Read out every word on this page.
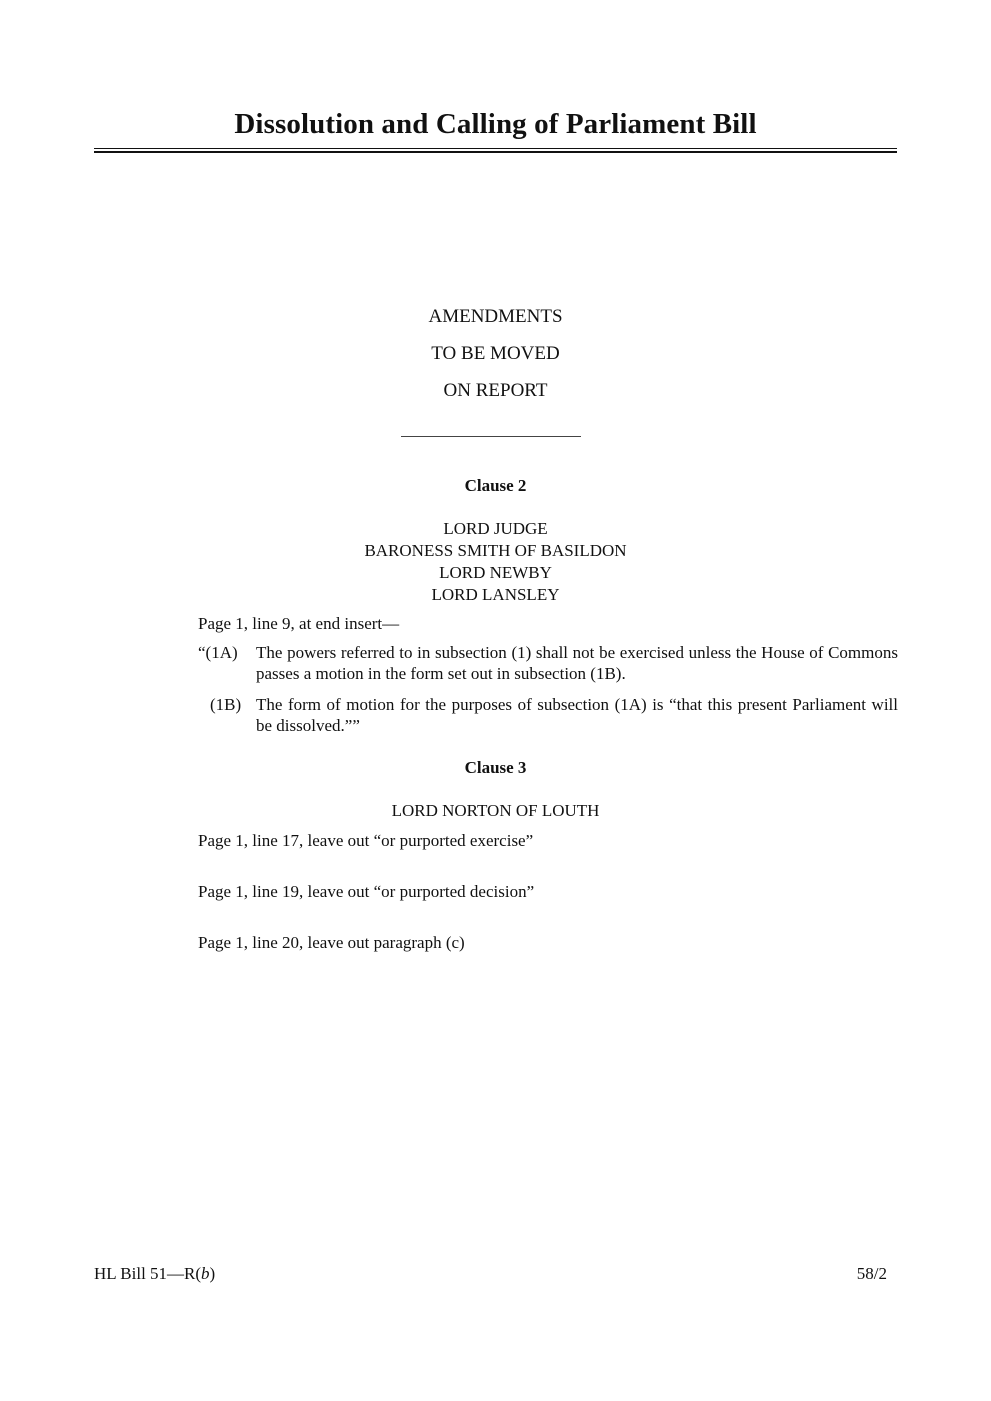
Dissolution and Calling of Parliament Bill
AMENDMENTS
TO BE MOVED
ON REPORT
Clause 2
LORD JUDGE
BARONESS SMITH OF BASILDON
LORD NEWBY
LORD LANSLEY
Page 1, line 9, at end insert—
“(1A)	The powers referred to in subsection (1) shall not be exercised unless the House of Commons passes a motion in the form set out in subsection (1B).
(1B) The form of motion for the purposes of subsection (1A) is “that this present Parliament will be dissolved.””
Clause 3
LORD NORTON OF LOUTH
Page 1, line 17, leave out “or purported exercise”
Page 1, line 19, leave out “or purported decision”
Page 1, line 20, leave out paragraph (c)
HL Bill 51—R(b)	58/2
